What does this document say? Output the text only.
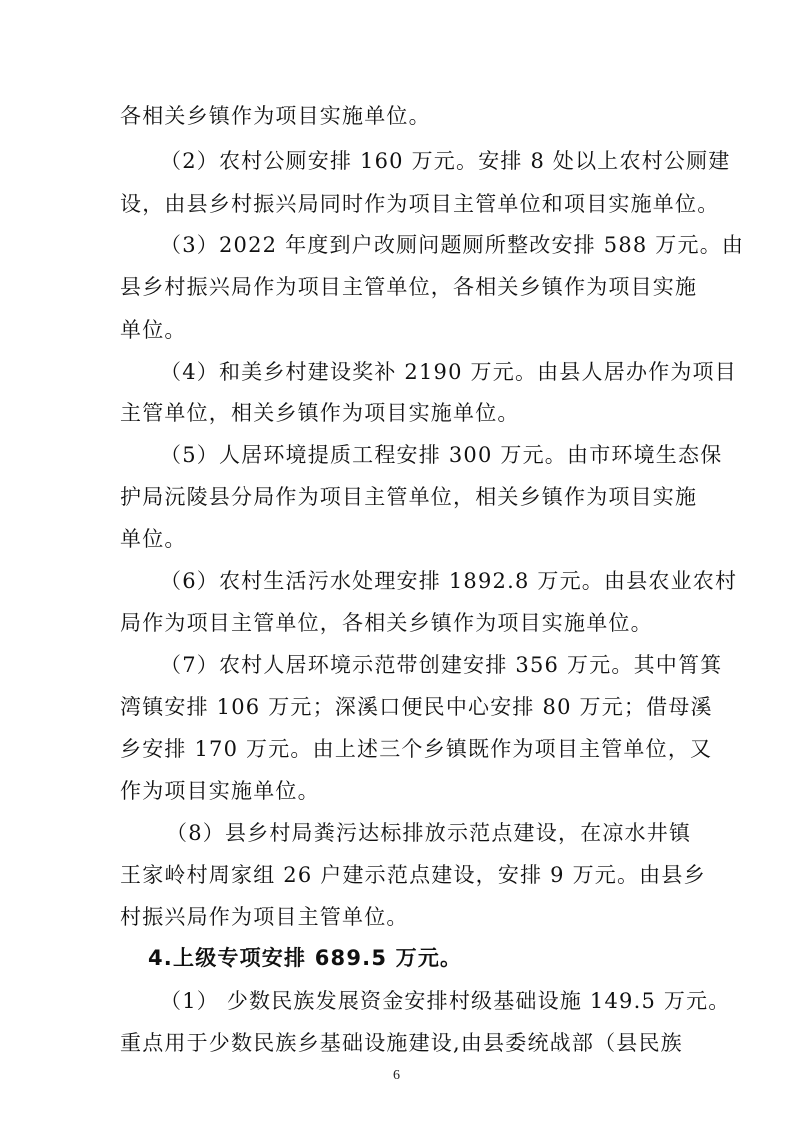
各相关乡镇作为项目实施单位。
（2）农村公厕安排 160 万元。安排 8 处以上农村公厕建
设，由县乡村振兴局同时作为项目主管单位和项目实施单位。
（3）2022 年度到户改厕问题厕所整改安排 588 万元。由
县乡村振兴局作为项目主管单位，各相关乡镇作为项目实施
单位。
（4）和美乡村建设奖补 2190 万元。由县人居办作为项目
主管单位，相关乡镇作为项目实施单位。
（5）人居环境提质工程安排 300 万元。由市环境生态保
护局沅陵县分局作为项目主管单位，相关乡镇作为项目实施
单位。
（6）农村生活污水处理安排 1892.8 万元。由县农业农村
局作为项目主管单位，各相关乡镇作为项目实施单位。
（7）农村人居环境示范带创建安排 356 万元。其中筲箕
湾镇安排 106 万元；深溪口便民中心安排 80 万元；借母溪
乡安排 170 万元。由上述三个乡镇既作为项目主管单位，又
作为项目实施单位。
（8）县乡村局粪污达标排放示范点建设，在凉水井镇
王家岭村周家组 26 户建示范点建设，安排 9 万元。由县乡
村振兴局作为项目主管单位。
4.上级专项安排 689.5 万元。
（1） 少数民族发展资金安排村级基础设施 149.5 万元。
重点用于少数民族乡基础设施建设,由县委统战部（县民族
6
